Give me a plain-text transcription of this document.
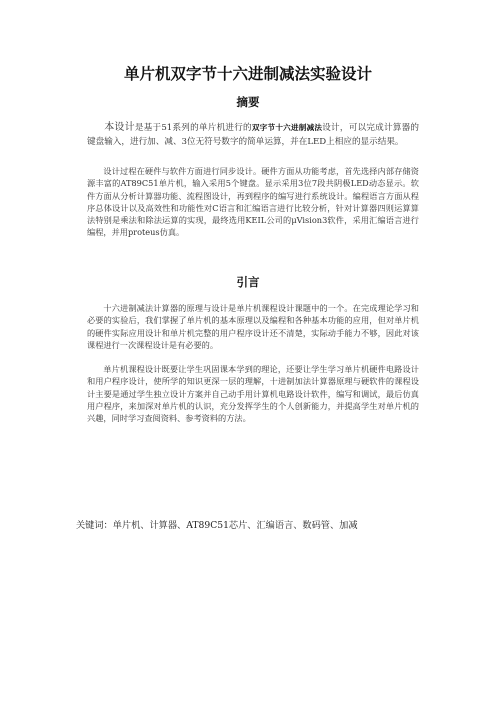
单片机双字节十六进制减法实验设计
摘要

本设计是基于51系列的单片机进行的双字节十六进制减法设计，可以完成计算器的键盘输入，进行加、减、3位无符号数字的简单运算，并在LED上相应的显示结果。

设计过程在硬件与软件方面进行同步设计。硬件方面从功能考虑，首先选择内部存储资源丰富的AT89C51单片机，输入采用5个键盘。显示采用3位7段共阴极LED动态显示。软件方面从分析计算器功能、流程图设计，再到程序的编写进行系统设计。编程语言方面从程序总体设计以及高效性和功能性对C语言和汇编语言进行比较分析，针对计算器四则运算算法特别是乘法和除法运算的实现，最终选用KEIL公司的μVision3软件，采用汇编语言进行编程，并用proteus仿真。

引言

十六进制减法计算器的原理与设计是单片机课程设计课题中的一个。在完成理论学习和必要的实验后，我们掌握了单片机的基本原理以及编程和各种基本功能的应用，但对单片机的硬件实际应用设计和单片机完整的用户程序设计还不清楚，实际动手能力不够，因此对该课程进行一次课程设计是有必要的。

单片机课程设计既要让学生巩固课本学到的理论，还要让学生学习单片机硬件电路设计和用户程序设计，使所学的知识更深一层的理解，十进制加法计算器原理与硬软件的课程设计主要是通过学生独立设计方案并自己动手用计算机电路设计软件，编写和调试，最后仿真用户程序，来加深对单片机的认识，充分发挥学生的个人创新能力，并提高学生对单片机的兴趣，同时学习查阅资料、参考资料的方法。

关键词：单片机、计算器、AT89C51芯片、汇编语言、数码管、加减
